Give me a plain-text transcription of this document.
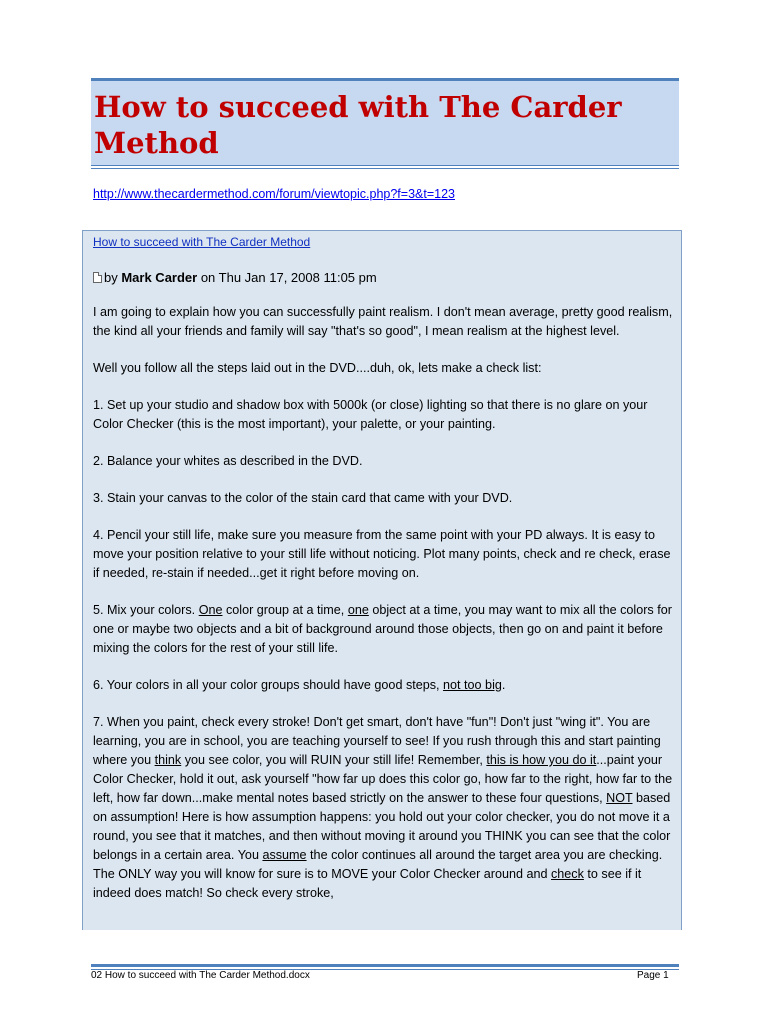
How to succeed with The Carder Method
http://www.thecardermethod.com/forum/viewtopic.php?f=3&t=123
How to succeed with The Carder Method
by Mark Carder on Thu Jan 17, 2008 11:05 pm

I am going to explain how you can successfully paint realism. I don't mean average, pretty good realism, the kind all your friends and family will say "that's so good", I mean realism at the highest level.

Well you follow all the steps laid out in the DVD....duh, ok, lets make a check list:

1. Set up your studio and shadow box with 5000k (or close) lighting so that there is no glare on your Color Checker (this is the most important), your palette, or your painting.

2. Balance your whites as described in the DVD.

3. Stain your canvas to the color of the stain card that came with your DVD.

4. Pencil your still life, make sure you measure from the same point with your PD always. It is easy to move your position relative to your still life without noticing. Plot many points, check and re check, erase if needed, re-stain if needed...get it right before moving on.

5. Mix your colors. One color group at a time, one object at a time, you may want to mix all the colors for one or maybe two objects and a bit of background around those objects, then go on and paint it before mixing the colors for the rest of your still life.

6. Your colors in all your color groups should have good steps, not too big.

7. When you paint, check every stroke! Don't get smart, don't have "fun"! Don't just "wing it". You are learning, you are in school, you are teaching yourself to see! If you rush through this and start painting where you think you see color, you will RUIN your still life! Remember, this is how you do it...paint your Color Checker, hold it out, ask yourself "how far up does this color go, how far to the right, how far to the left, how far down...make mental notes based strictly on the answer to these four questions, NOT based on assumption! Here is how assumption happens: you hold out your color checker, you do not move it a round, you see that it matches, and then without moving it around you THINK you can see that the color belongs in a certain area. You assume the color continues all around the target area you are checking. The ONLY way you will know for sure is to MOVE your Color Checker around and check to see if it indeed does match! So check every stroke,

02 How to succeed with The Carder Method.docx	Page 1
